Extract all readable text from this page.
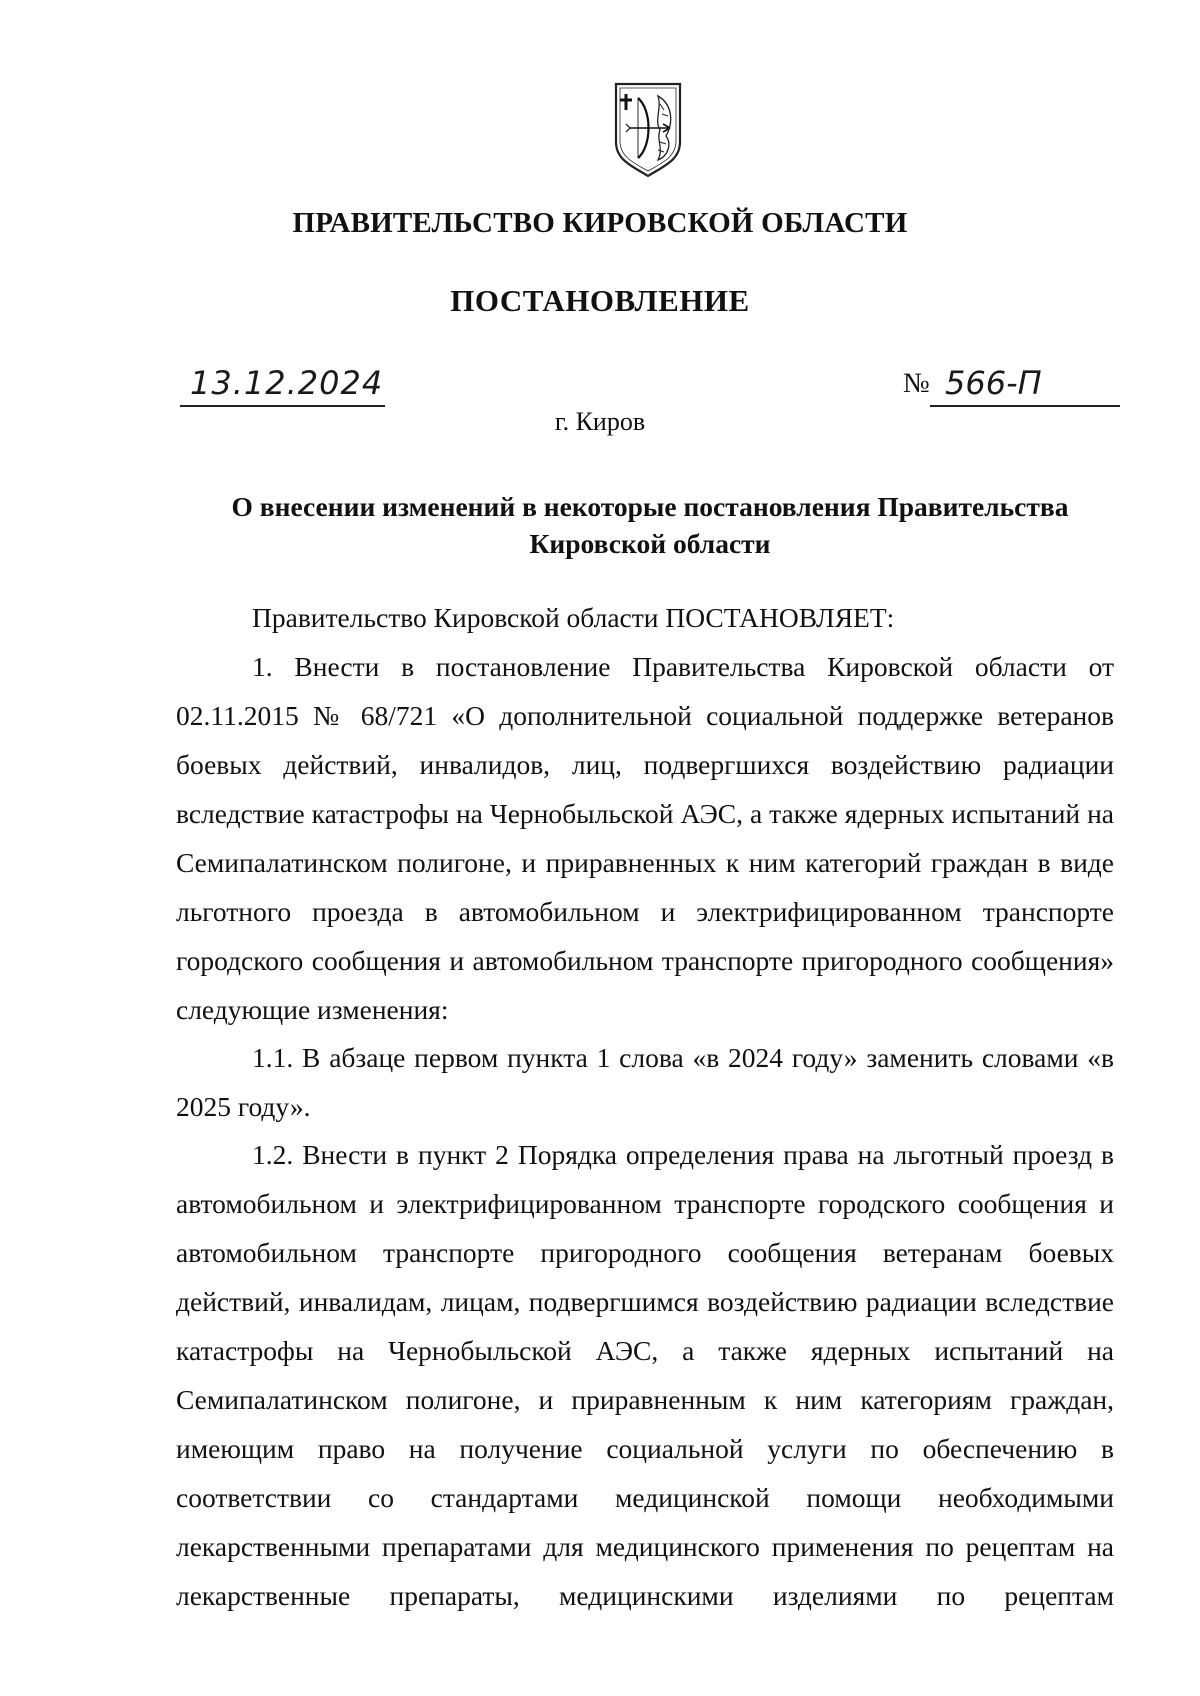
ПРАВИТЕЛЬСТВО КИРОВСКОЙ ОБЛАСТИ
ПОСТАНОВЛЕНИЕ
13.12.2024	№ 566-П
г. Киров
О внесении изменений в некоторые постановления Правительства Кировской области

Правительство Кировской области ПОСТАНОВЛЯЕТ:

1. Внести в постановление Правительства Кировской области от 02.11.2015 № 68/721 «О дополнительной социальной поддержке ветеранов боевых действий, инвалидов, лиц, подвергшихся воздействию радиации вследствие катастрофы на Чернобыльской АЭС, а также ядерных испытаний на Семипалатинском полигоне, и приравненных к ним категорий граждан в виде льготного проезда в автомобильном и электрифицированном транспорте городского сообщения и автомобильном транспорте пригородного сообщения» следующие изменения:

1.1. В абзаце первом пункта 1 слова «в 2024 году» заменить словами «в 2025 году».

1.2. Внести в пункт 2 Порядка определения права на льготный проезд в автомобильном и электрифицированном транспорте городского сообщения и автомобильном транспорте пригородного сообщения ветеранам боевых действий, инвалидам, лицам, подвергшимся воздействию радиации вследствие катастрофы на Чернобыльской АЭС, а также ядерных испытаний на Семипалатинском полигоне, и приравненным к ним категориям граждан, имеющим право на получение социальной услуги по обеспечению в соответствии со стандартами медицинской помощи необходимыми лекарственными препаратами для медицинского применения по рецептам на лекарственные препараты, медицинскими изделиями по рецептам
